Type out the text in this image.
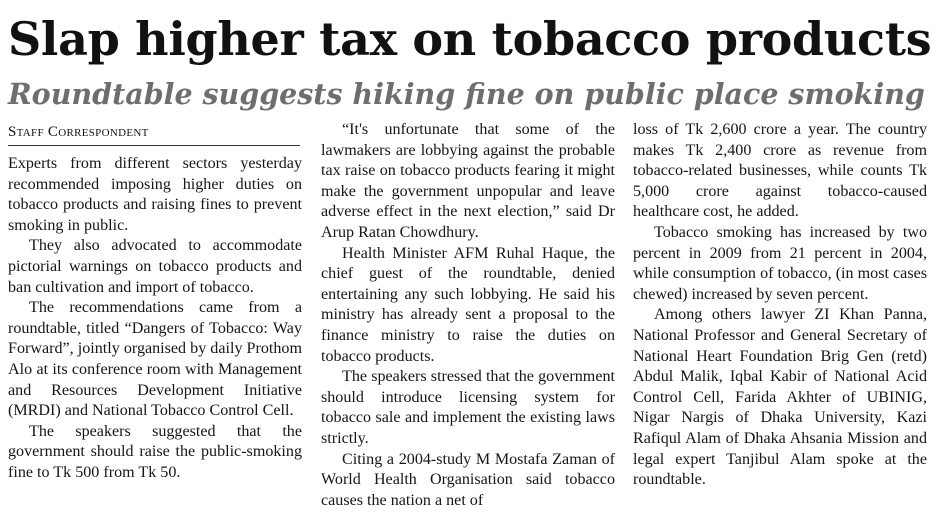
Slap higher tax on tobacco products
Roundtable suggests hiking fine on public place smoking
Staff Correspondent

Experts from different sectors yesterday recommended imposing higher duties on tobacco products and raising fines to prevent smoking in public.

They also advocated to accommodate pictorial warnings on tobacco products and ban cultivation and import of tobacco.

The recommendations came from a roundtable, titled “Dangers of Tobacco: Way Forward”, jointly organised by daily Prothom Alo at its conference room with Management and Resources Development Initiative (MRDI) and National Tobacco Control Cell.

The speakers suggested that the government should raise the public-smoking fine to Tk 500 from Tk 50.

“It's unfortunate that some of the lawmakers are lobbying against the probable tax raise on tobacco products fearing it might make the government unpopular and leave adverse effect in the next election,” said Dr Arup Ratan Chowdhury.

Health Minister AFM Ruhal Haque, the chief guest of the roundtable, denied entertaining any such lobbying. He said his ministry has already sent a proposal to the finance ministry to raise the duties on tobacco products.

The speakers stressed that the government should introduce licensing system for tobacco sale and implement the existing laws strictly.

Citing a 2004-study M Mostafa Zaman of World Health Organisation said tobacco causes the nation a net of

loss of Tk 2,600 crore a year. The country makes Tk 2,400 crore as revenue from tobacco-related businesses, while counts Tk 5,000 crore against tobacco-caused healthcare cost, he added.

Tobacco smoking has increased by two percent in 2009 from 21 percent in 2004, while consumption of tobacco, (in most cases chewed) increased by seven percent.

Among others lawyer ZI Khan Panna, National Professor and General Secretary of National Heart Foundation Brig Gen (retd) Abdul Malik, Iqbal Kabir of National Acid Control Cell, Farida Akhter of UBINIG, Nigar Nargis of Dhaka University, Kazi Rafiqul Alam of Dhaka Ahsania Mission and legal expert Tanjibul Alam spoke at the roundtable.
